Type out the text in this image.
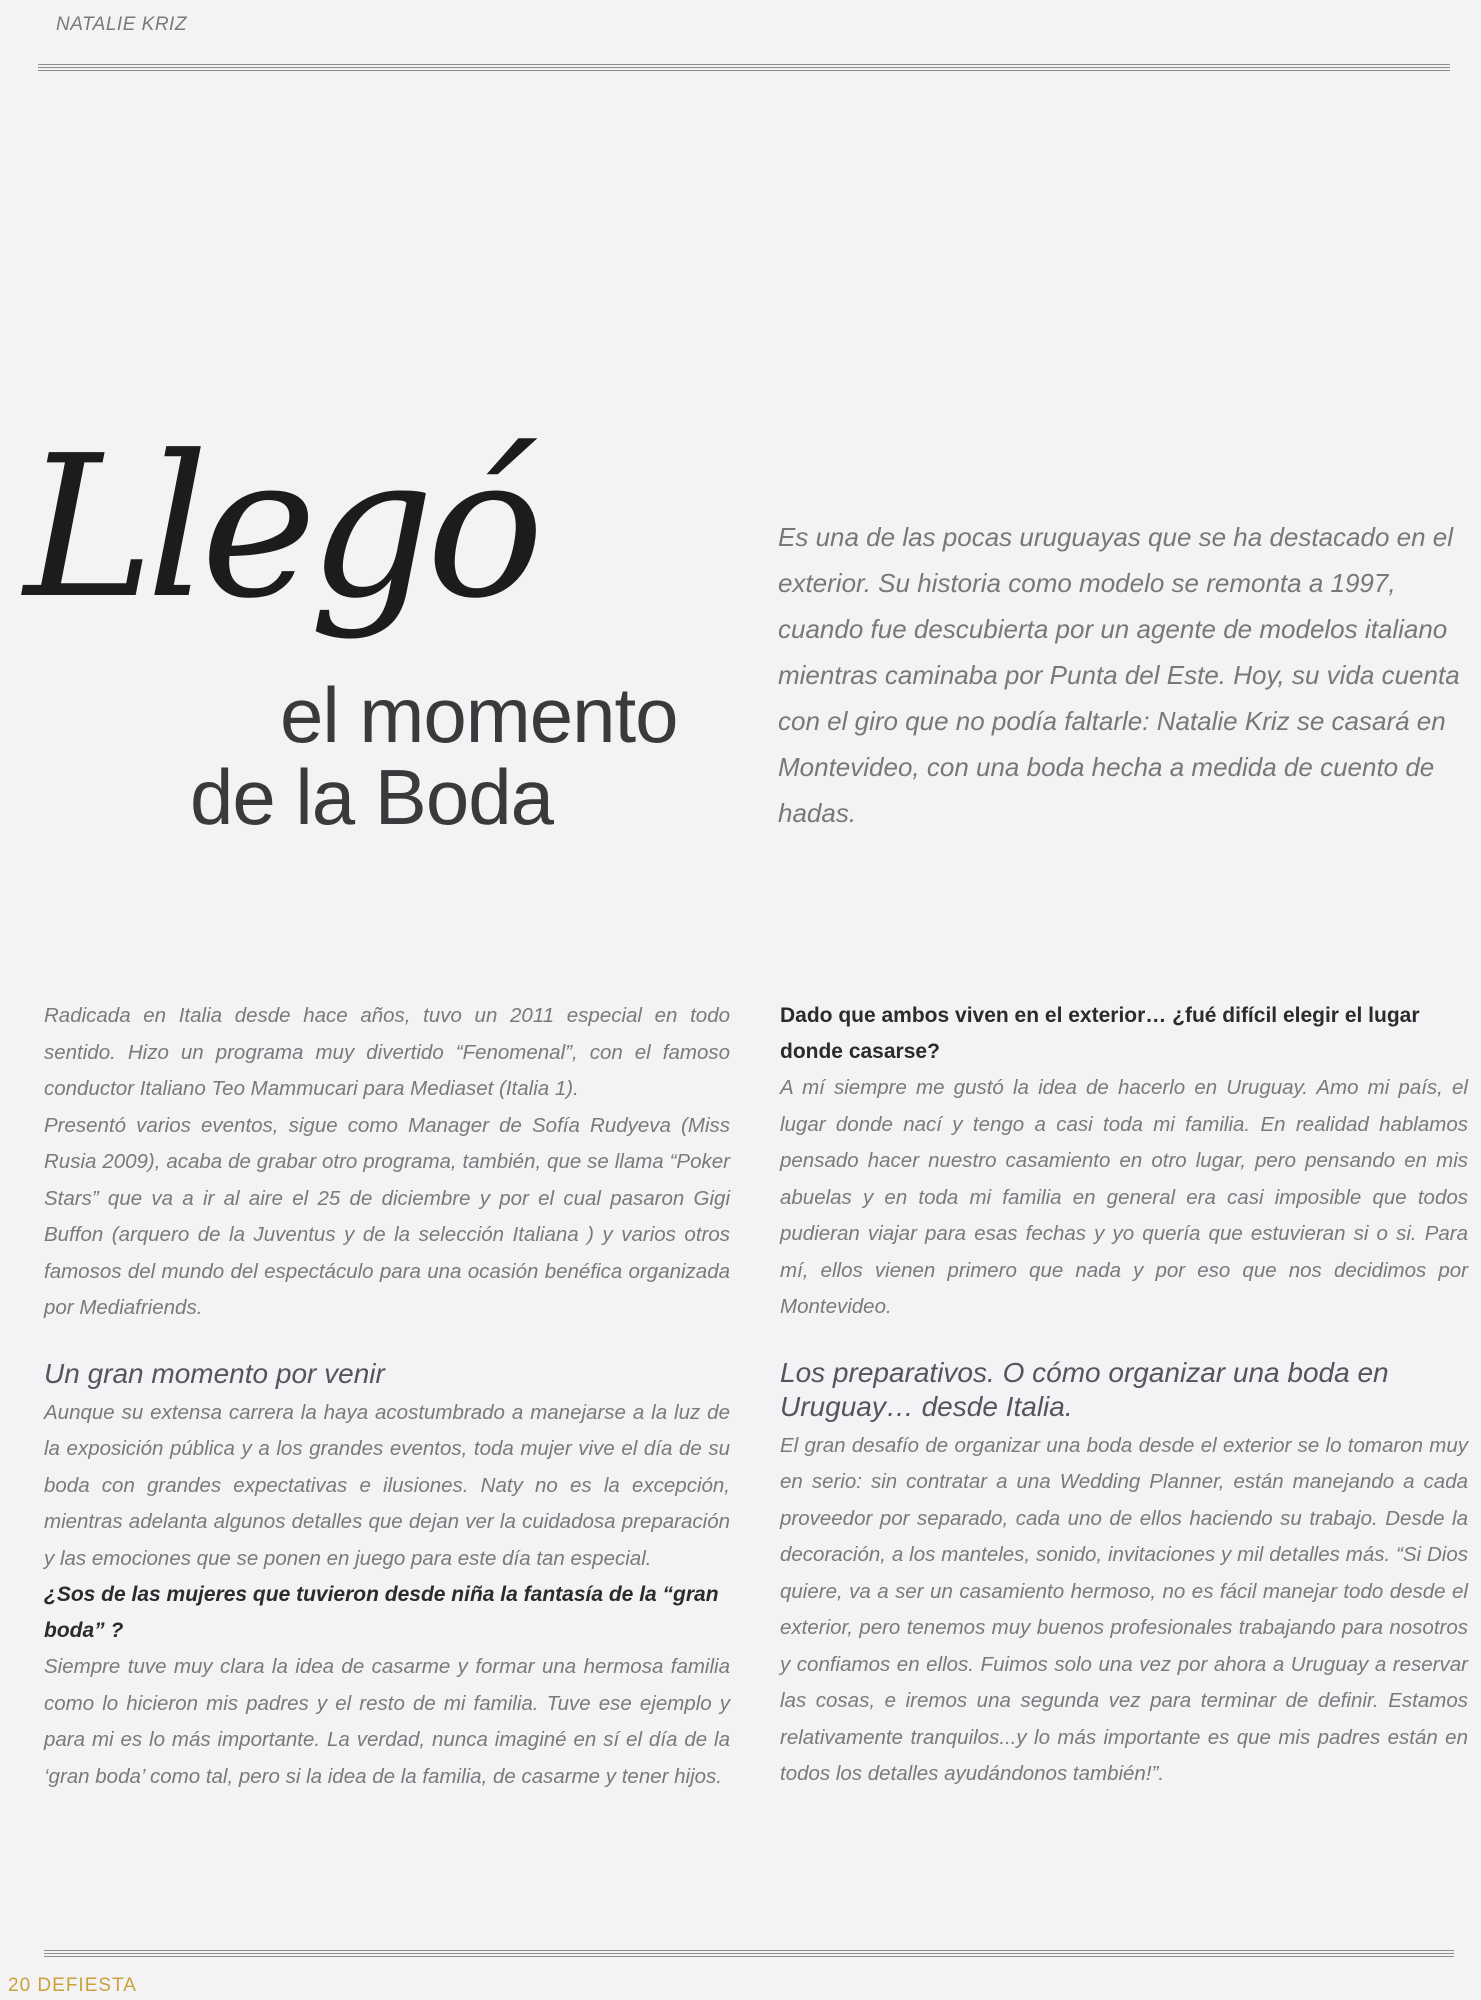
NATALIE KRIZ
Llegó
el momento
de la Boda
Es una de las pocas uruguayas que se ha destacado en el exterior. Su historia como modelo se remonta a 1997, cuando fue descubierta por un agente de modelos italiano mientras caminaba por Punta del Este. Hoy, su vida cuenta con el giro que no podía faltarle: Natalie Kriz se casará en Montevideo, con una boda hecha a medida de cuento de hadas.

Radicada en Italia desde hace años, tuvo un 2011 especial en todo sentido. Hizo un programa muy divertido “Fenomenal”, con el famoso conductor Italiano Teo Mammucari para Mediaset (Italia 1).

Presentó varios eventos, sigue como Manager de Sofía Rudyeva (Miss Rusia 2009), acaba de grabar otro programa, también, que se llama “Poker Stars” que va a ir al aire el 25 de diciembre y por el cual pasaron Gigi Buffon (arquero de la Juventus y de la selección Italiana ) y varios otros famosos del mundo del espectáculo para una ocasión benéfica organizada por Mediafriends.

Un gran momento por venir

Aunque su extensa carrera la haya acostumbrado a manejarse a la luz de la exposición pública y a los grandes eventos, toda mujer vive el día de su boda con grandes expectativas e ilusiones. Naty no es la excepción, mientras adelanta algunos detalles que dejan ver la cuidadosa preparación y las emociones que se ponen en juego para este día tan especial.

¿Sos de las mujeres que tuvieron desde niña la fantasía de la “gran boda” ?

Siempre tuve muy clara la idea de casarme y formar una hermosa familia como lo hicieron mis padres y el resto de mi familia. Tuve ese ejemplo y para mi es lo más importante. La verdad, nunca imaginé en sí el día de la ‘gran boda’ como tal, pero si la idea de la familia, de casarme y tener hijos.

Dado que ambos viven en el exterior… ¿fué difícil elegir el lugar donde casarse?

A mí siempre me gustó la idea de hacerlo en Uruguay. Amo mi país, el lugar donde nací y tengo a casi toda mi familia. En realidad hablamos pensado hacer nuestro casamiento en otro lugar, pero pensando en mis abuelas y en toda mi familia en general era casi imposible que todos pudieran viajar para esas fechas y yo quería que estuvieran si o si. Para mí, ellos vienen primero que nada y por eso que nos decidimos por Montevideo.

Los preparativos. O cómo organizar una boda en Uruguay… desde Italia.

El gran desafío de organizar una boda desde el exterior se lo tomaron muy en serio: sin contratar a una Wedding Planner, están manejando a cada proveedor por separado, cada uno de ellos haciendo su trabajo. Desde la decoración, a los manteles, sonido, invitaciones y mil detalles más. “Si Dios quiere, va a ser un casamiento hermoso, no es fácil manejar todo desde el exterior, pero tenemos muy buenos profesionales trabajando para nosotros y confiamos en ellos. Fuimos solo una vez por ahora a Uruguay a reservar las cosas, e iremos una segunda vez para terminar de definir. Estamos relativamente tranquilos...y lo más importante es que mis padres están en todos los detalles ayudándonos también!”.

20 DEFIESTA
